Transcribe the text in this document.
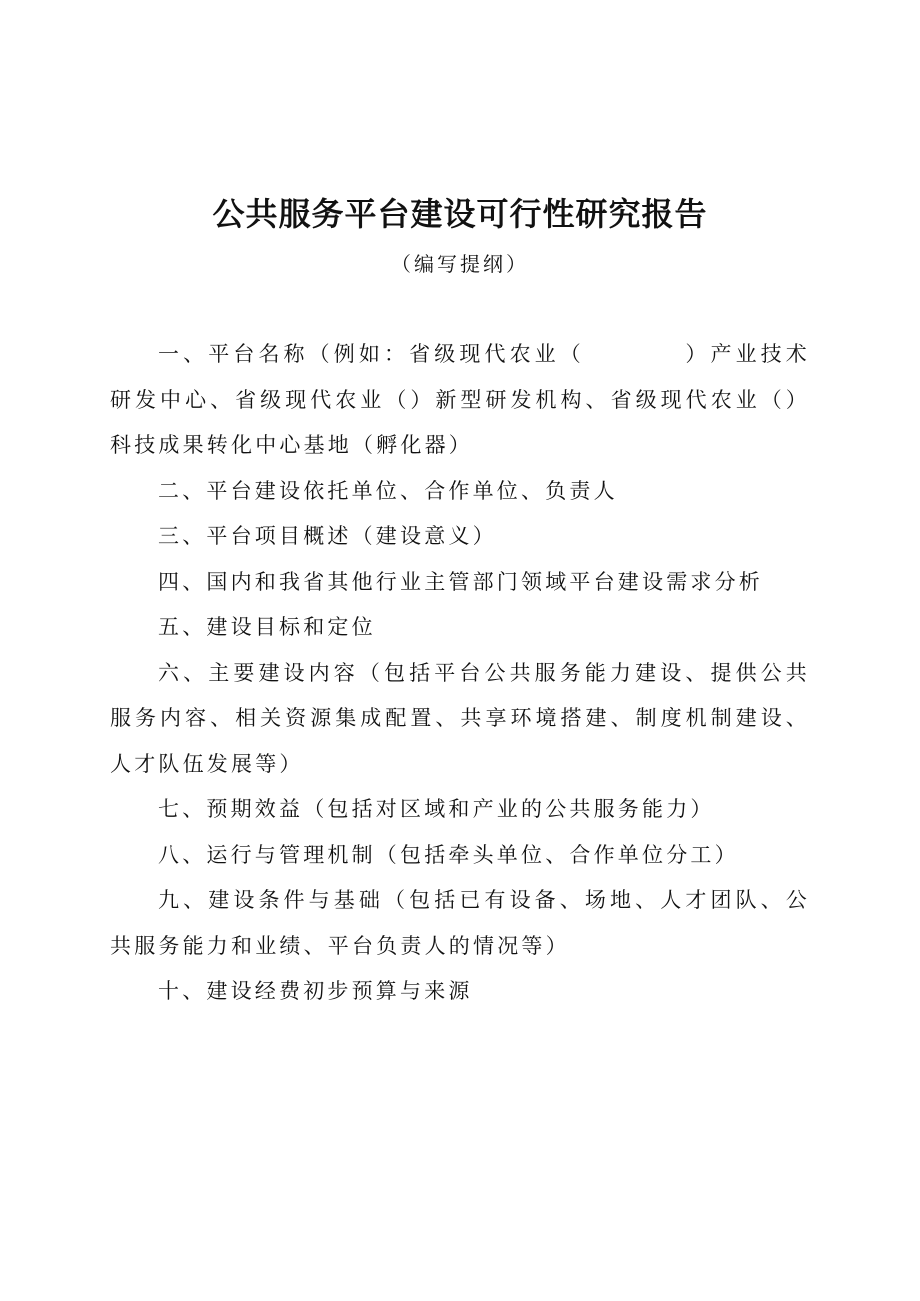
公共服务平台建设可行性研究报告
（编写提纲）

一、平台名称（例如：省级现代农业（　　　　）产业技术研发中心、省级现代农业（）新型研发机构、省级现代农业（）科技成果转化中心基地（孵化器）

二、平台建设依托单位、合作单位、负责人

三、平台项目概述（建设意义）

四、国内和我省其他行业主管部门领域平台建设需求分析

五、建设目标和定位

六、主要建设内容（包括平台公共服务能力建设、提供公共服务内容、相关资源集成配置、共享环境搭建、制度机制建设、人才队伍发展等）

七、预期效益（包括对区域和产业的公共服务能力）

八、运行与管理机制（包括牵头单位、合作单位分工）

九、建设条件与基础（包括已有设备、场地、人才团队、公共服务能力和业绩、平台负责人的情况等）

十、建设经费初步预算与来源
